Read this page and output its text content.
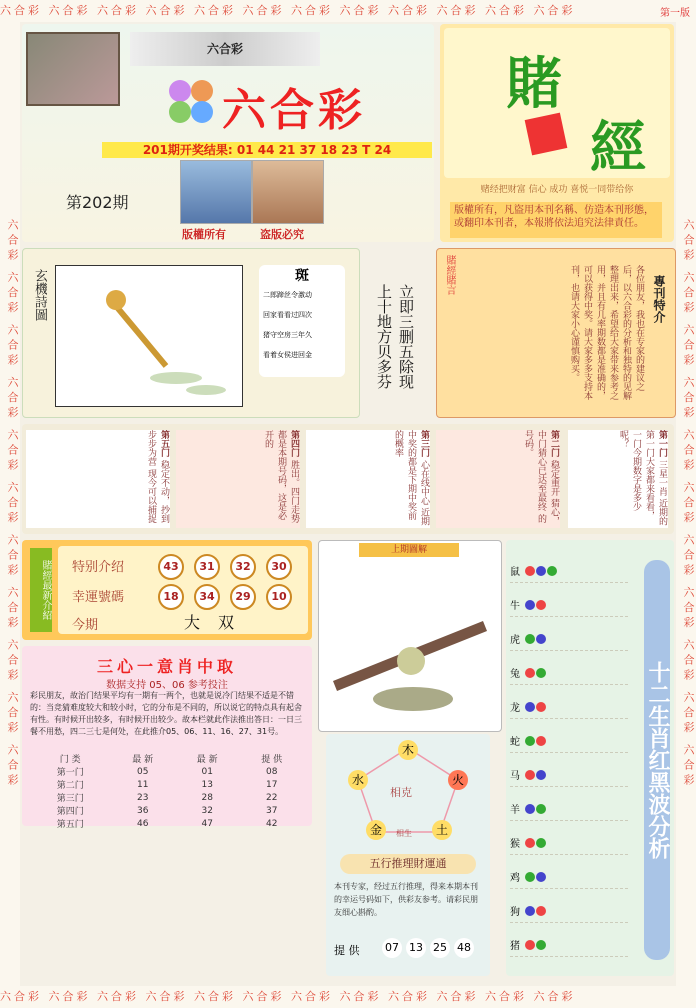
六合彩 六合彩 六合彩 六合彩 六合彩 六合彩 六合彩 六合彩 六合彩 六合彩 六合彩 六合彩	第一版
六合彩 六合彩 六合彩 六合彩 六合彩 六合彩 六合彩 六合彩 六合彩 六合彩 六合彩 六合彩
六合彩 六合彩 六合彩 六合彩 六合彩 六合彩 六合彩 六合彩 六合彩 六合彩 六合彩	六合彩 六合彩 六合彩 六合彩 六合彩 六合彩 六合彩 六合彩 六合彩 六合彩 六合彩
六合彩
六合彩
201期开奖结果: 01 44 21 37 18 23 T 24
第202期
版權所有	盗版必究
賭
經
赌经把财富 信心 成功 喜悦一同带给你
版權所有，凡盜用本刊名稱、仿造本刊形態，或翻印本刊者，本報將依法追究法律責任。
玄機詩圖	斑
二郎蹄丝令激动
回家看看过四次
猪守空房三年久
看着女侯进回金	立即三删五除现
上十地方贝多芬
賭經賭言	專刊特介
各位朋友，我也在专家的建议之后，以六合彩的分析和独特的见解整理出来，希望给大家带来参考之用，并且有几率期数都是准确的，可以获得中奖。请大家多多支持本刊，也请大家小心谨慎购买。
第一门 三星一肖 近期的第一门大家都来看看，一门今期数字是多少呢？
第二门 稳定重开 猜心，中门猜心已达至最终 的号码。
第三门 心在线中心 近期中奖的都是下期中奖前的概率
第四门 胜出。四门走势都是本期号码，这是必开的
第五门 稳定不动，抄到步步为营 现今可以捕捉
賭經最新介紹 特别介绍
幸運號碼
今期
43	31	32	30
18	34	29	10
大双
三心一意肖中取
数据支持 05、06 参考投注
彩民朋友，故治门结果平均有一期有一两个，也就是说冷门结果不适是不错的：当竞猜难度较大和较小时，它的分布是不同的，所以说它的特点具有起舍有性。有时候开出较多，有时候开出较少。故本栏就此作法推出答日：一日三餐不用愁，四二三七是何处，在此推介05、06、11、16、27、31号。
门 类	最 新	最 新	提 供
第一门	05	01	08
第二门	11	13	17
第三门	23	28	22
第四门	36	32	37
第五门	46	47	42
上期圖解
木
火
土
金
水
相克
相生
五行推理財運通
本刊专家，经过五行推理，得来本期本刊的幸运号码如下，供彩友参考。请彩民朋友细心斟酌。
提 供 07 13 25 48
鼠
牛
虎
兔
龙
蛇
马
羊
猴
鸡
狗
猪
十二生肖红黑波分析
